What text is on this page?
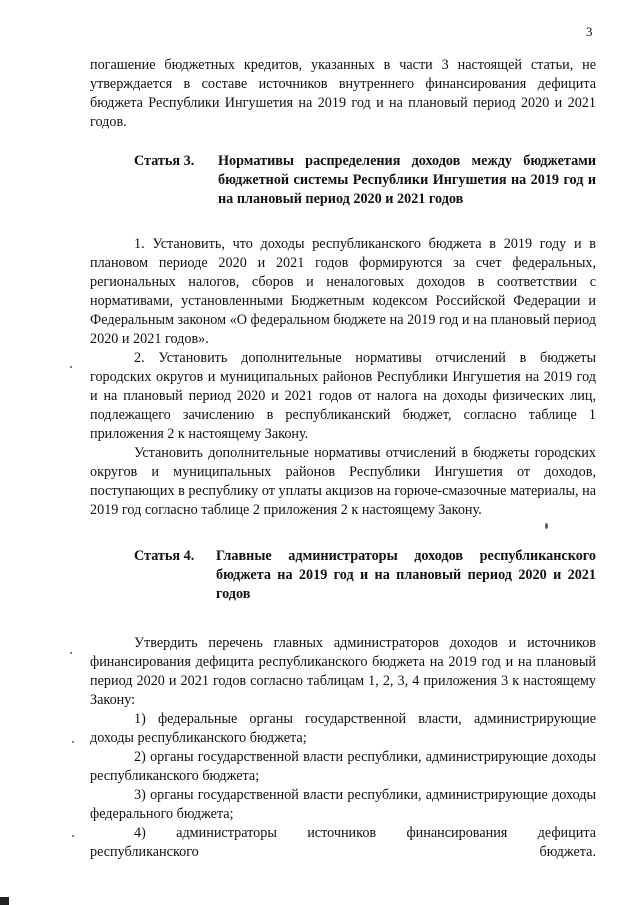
3

погашение бюджетных кредитов, указанных в части 3 настоящей статьи, не утверждается в составе источников внутреннего финансирования дефицита бюджета Республики Ингушетия на 2019 год и на плановый период 2020 и 2021 годов.

Статья 3.	Нормативы распределения доходов между бюджетами бюджетной системы Республики Ингушетия на 2019 год и на плановый период 2020 и 2021 годов

1. Установить, что доходы республиканского бюджета в 2019 году и в плановом периоде 2020 и 2021 годов формируются за счет федеральных, региональных налогов, сборов и неналоговых доходов в соответствии с нормативами, установленными Бюджетным кодексом Российской Федерации и Федеральным законом «О федеральном бюджете на 2019 год и на плановый период 2020 и 2021 годов».

2. Установить дополнительные нормативы отчислений в бюджеты городских округов и муниципальных районов Республики Ингушетия на 2019 год и на плановый период 2020 и 2021 годов от налога на доходы физических лиц, подлежащего зачислению в республиканский бюджет, согласно таблице 1 приложения 2 к настоящему Закону.

Установить дополнительные нормативы отчислений в бюджеты городских округов и муниципальных районов Республики Ингушетия от доходов, поступающих в республику от уплаты акцизов на горюче-смазочные материалы, на 2019 год согласно таблице 2 приложения 2 к настоящему Закону.

Статья 4.	Главные администраторы доходов республиканского бюджета на 2019 год и на плановый период 2020 и 2021 годов

Утвердить перечень главных администраторов доходов и источников финансирования дефицита республиканского бюджета на 2019 год и на плановый период 2020 и 2021 годов согласно таблицам 1, 2, 3, 4 приложения 3 к настоящему Закону:

1) федеральные органы государственной власти, администрирующие доходы республиканского бюджета;

2) органы государственной власти республики, администрирующие доходы республиканского бюджета;

3) органы государственной власти республики, администрирующие доходы федерального бюджета;

4) администраторы источников финансирования дефицита республиканского бюджета.
